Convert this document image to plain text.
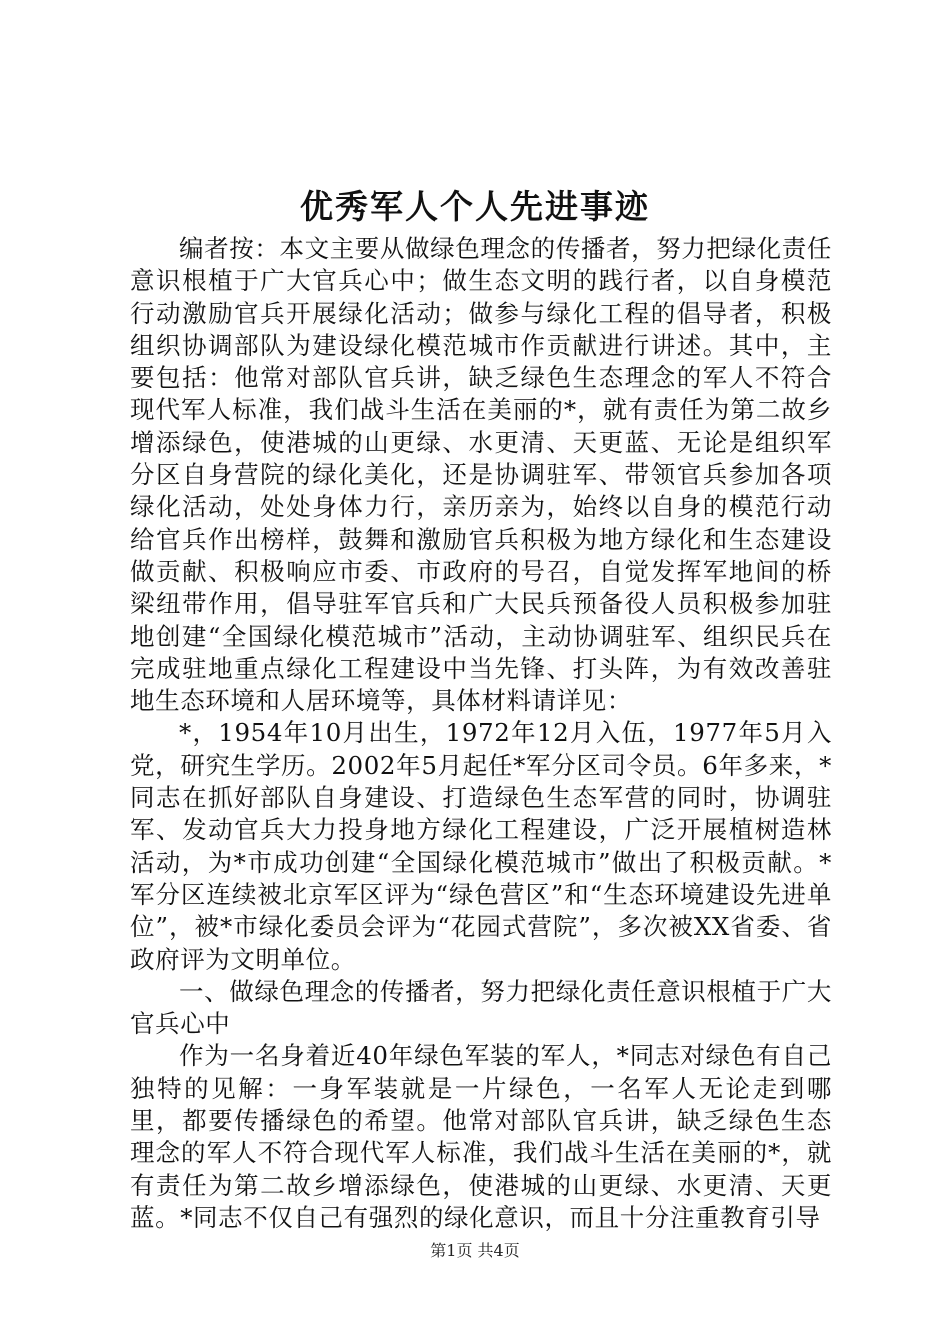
优秀军人个人先进事迹

编者按：本文主要从做绿色理念的传播者，努力把绿化责任意识根植于广大官兵心中；做生态文明的践行者，以自身模范行动激励官兵开展绿化活动；做参与绿化工程的倡导者，积极组织协调部队为建设绿化模范城市作贡献进行讲述。其中，主要包括：他常对部队官兵讲，缺乏绿色生态理念的军人不符合现代军人标准，我们战斗生活在美丽的*，就有责任为第二故乡增添绿色，使港城的山更绿、水更清、天更蓝、无论是组织军分区自身营院的绿化美化，还是协调驻军、带领官兵参加各项绿化活动，处处身体力行，亲历亲为，始终以自身的模范行动给官兵作出榜样，鼓舞和激励官兵积极为地方绿化和生态建设做贡献、积极响应市委、市政府的号召，自觉发挥军地间的桥梁纽带作用，倡导驻军官兵和广大民兵预备役人员积极参加驻地创建“全国绿化模范城市”活动，主动协调驻军、组织民兵在完成驻地重点绿化工程建设中当先锋、打头阵，为有效改善驻地生态环境和人居环境等，具体材料请详见：

*，1954年10月出生，1972年12月入伍，1977年5月入党，研究生学历。2002年5月起任*军分区司令员。6年多来，*同志在抓好部队自身建设、打造绿色生态军营的同时，协调驻军、发动官兵大力投身地方绿化工程建设，广泛开展植树造林活动，为*市成功创建“全国绿化模范城市”做出了积极贡献。*军分区连续被北京军区评为“绿色营区”和“生态环境建设先进单位”，被*市绿化委员会评为“花园式营院”，多次被XX省委、省政府评为文明单位。

一、做绿色理念的传播者，努力把绿化责任意识根植于广大官兵心中

作为一名身着近40年绿色军装的军人，*同志对绿色有自己独特的见解：一身军装就是一片绿色，一名军人无论走到哪里，都要传播绿色的希望。他常对部队官兵讲，缺乏绿色生态理念的军人不符合现代军人标准，我们战斗生活在美丽的*，就有责任为第二故乡增添绿色，使港城的山更绿、水更清、天更蓝。*同志不仅自己有强烈的绿化意识，而且十分注重教育引导

第1页 共4页
